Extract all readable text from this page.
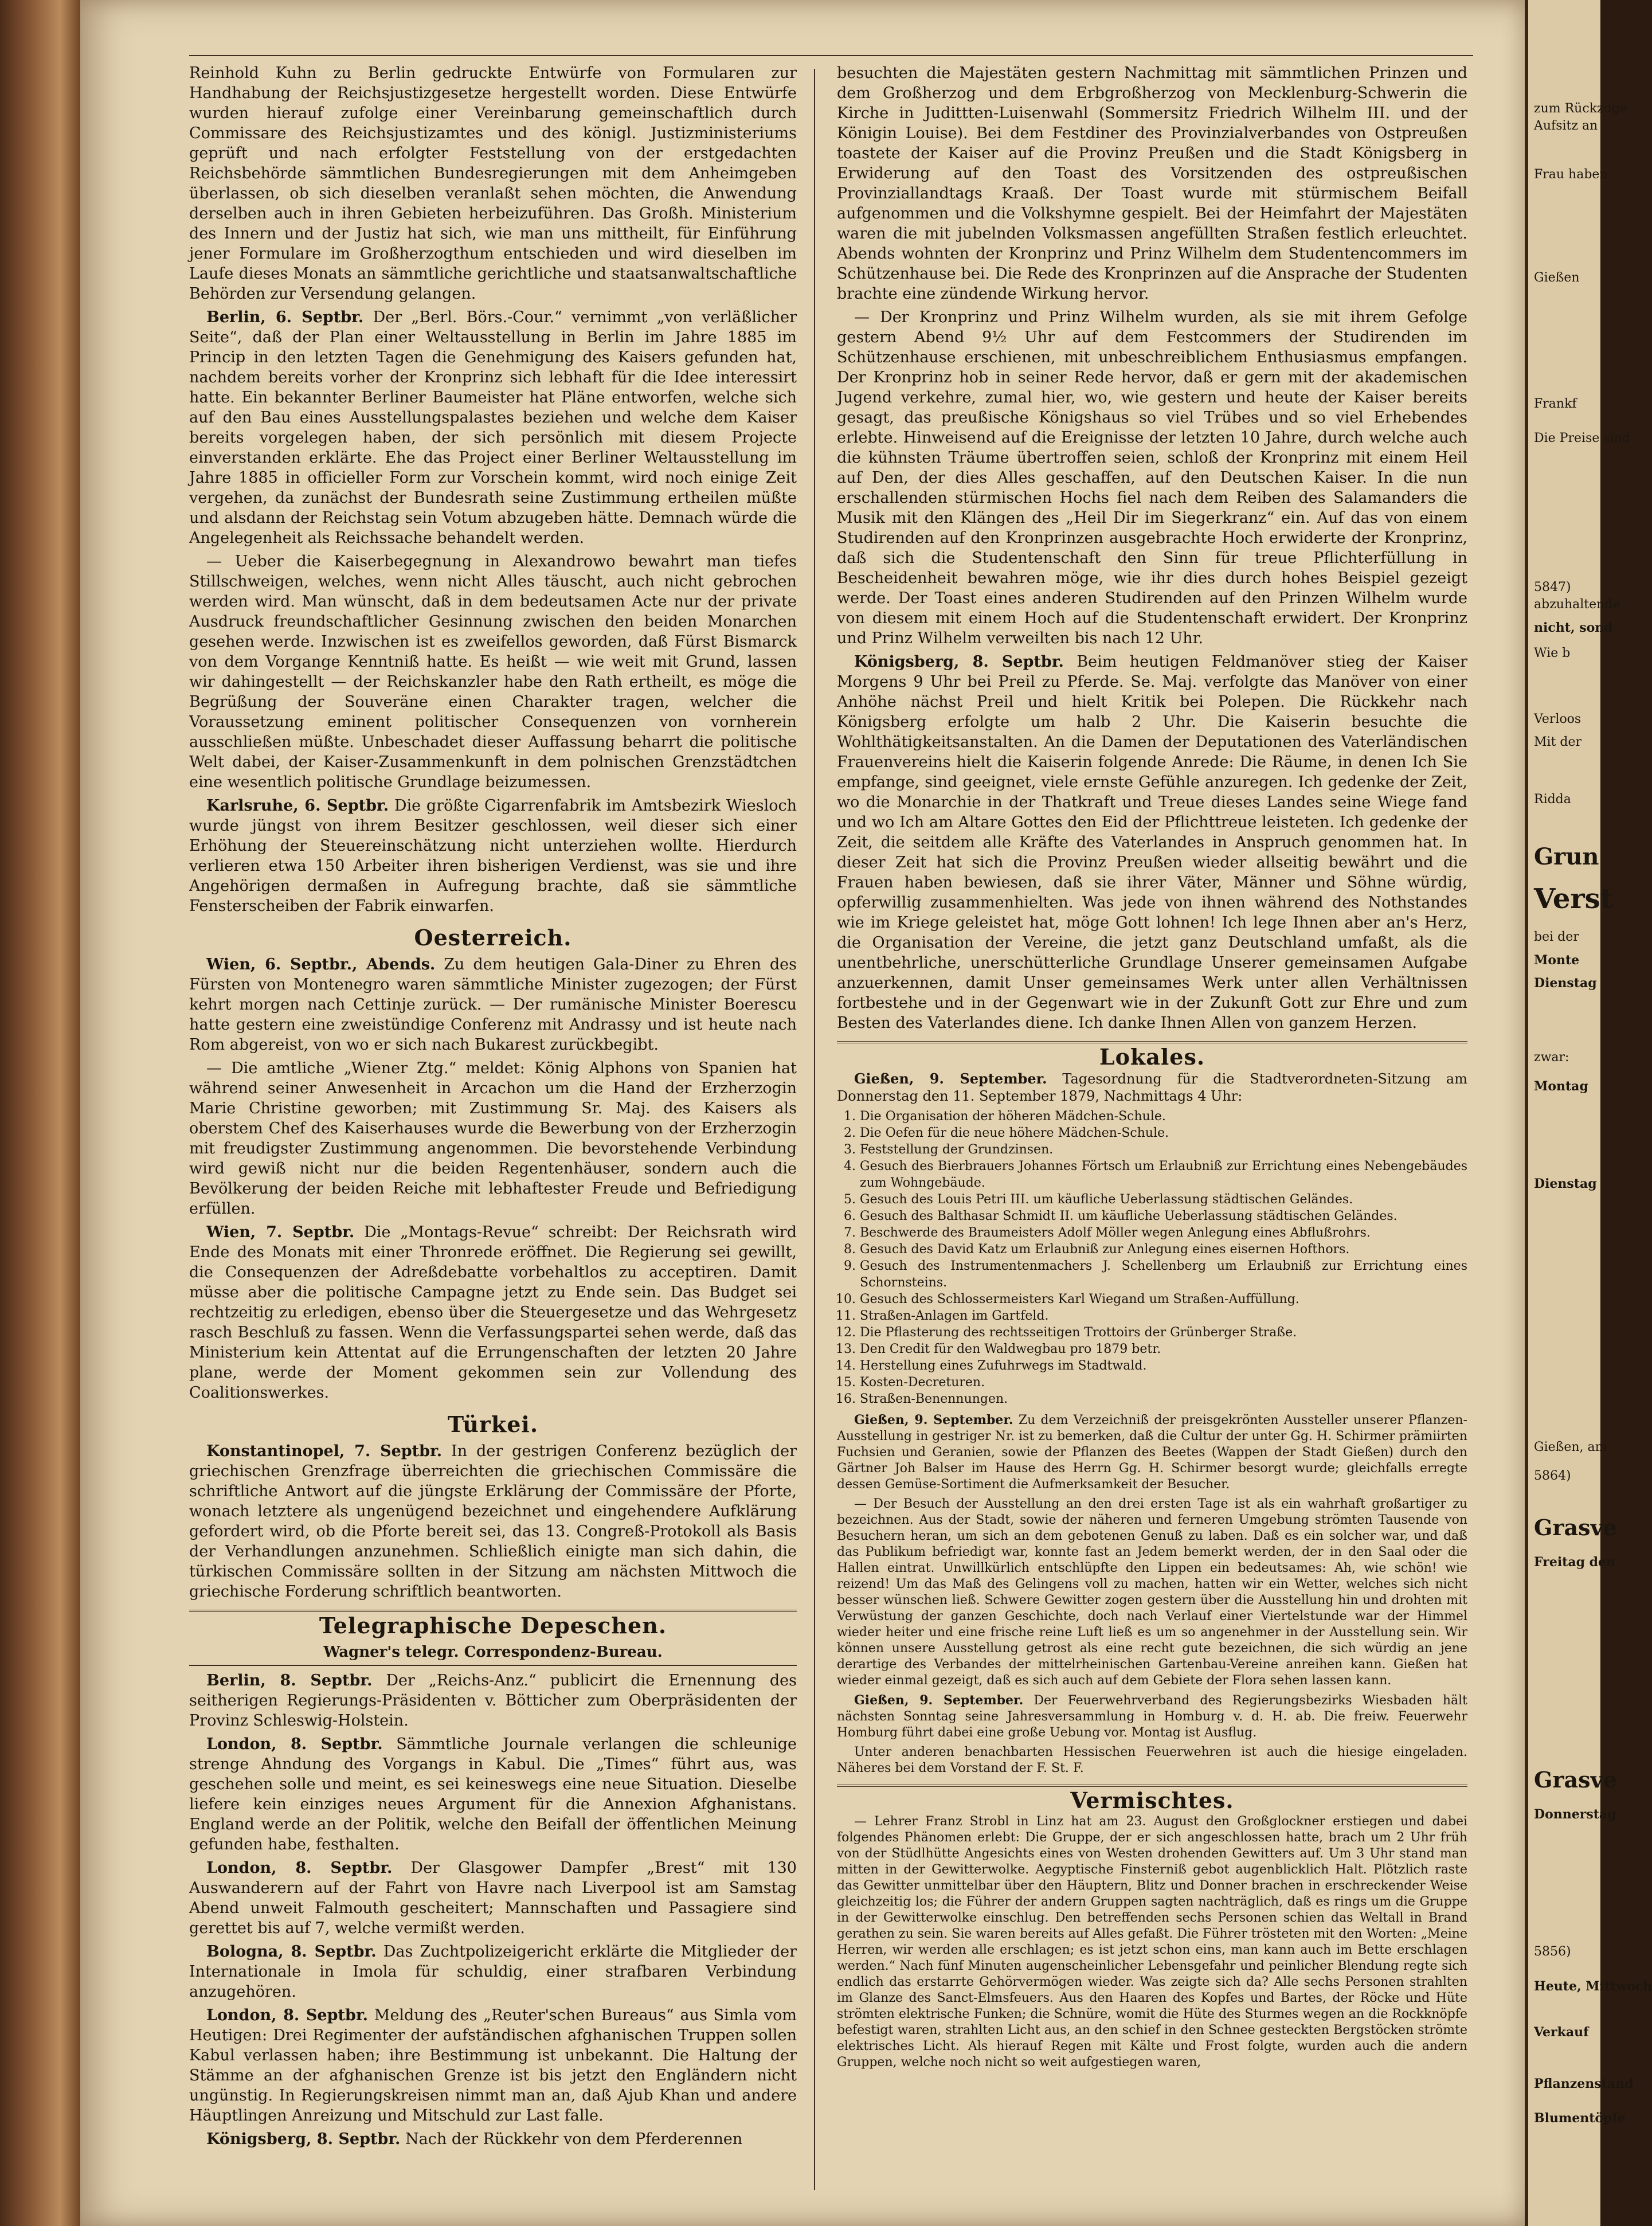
Reinhold Kuhn zu Berlin gedruckte Entwürfe von Formularen zur Handhabung der Reichsjustizgesetze hergestellt worden. Diese Entwürfe wurden hierauf zufolge einer Vereinbarung gemeinschaftlich durch Commissare des Reichsjustizamtes und des königl. Justizministeriums geprüft und nach erfolgter Feststellung von der erstgedachten Reichsbehörde sämmtlichen Bundesregierungen mit dem Anheimgeben überlassen, ob sich dieselben veranlaßt sehen möchten, die Anwendung derselben auch in ihren Gebieten herbeizuführen. Das Großh. Ministerium des Innern und der Justiz hat sich, wie man uns mittheilt, für Einführung jener Formulare im Großherzogthum entschieden und wird dieselben im Laufe dieses Monats an sämmtliche gerichtliche und staatsanwaltschaftliche Behörden zur Versendung gelangen.

Berlin, 6. Septbr. Der „Berl. Börs.-Cour.“ vernimmt „von verläßlicher Seite“, daß der Plan einer Weltausstellung in Berlin im Jahre 1885 im Princip in den letzten Tagen die Genehmigung des Kaisers gefunden hat, nachdem bereits vorher der Kronprinz sich lebhaft für die Idee interessirt hatte. Ein bekannter Berliner Baumeister hat Pläne entworfen, welche sich auf den Bau eines Ausstellungspalastes beziehen und welche dem Kaiser bereits vorgelegen haben, der sich persönlich mit diesem Projecte einverstanden erklärte. Ehe das Project einer Berliner Weltausstellung im Jahre 1885 in officieller Form zur Vorschein kommt, wird noch einige Zeit vergehen, da zunächst der Bundesrath seine Zustimmung ertheilen müßte und alsdann der Reichstag sein Votum abzugeben hätte. Demnach würde die Angelegenheit als Reichssache behandelt werden.

— Ueber die Kaiserbegegnung in Alexandrowo bewahrt man tiefes Stillschweigen, welches, wenn nicht Alles täuscht, auch nicht gebrochen werden wird. Man wünscht, daß in dem bedeutsamen Acte nur der private Ausdruck freundschaftlicher Gesinnung zwischen den beiden Monarchen gesehen werde. Inzwischen ist es zweifellos geworden, daß Fürst Bismarck von dem Vorgange Kenntniß hatte. Es heißt — wie weit mit Grund, lassen wir dahingestellt — der Reichskanzler habe den Rath ertheilt, es möge die Begrüßung der Souveräne einen Charakter tragen, welcher die Voraussetzung eminent politischer Consequenzen von vornherein ausschließen müßte. Unbeschadet dieser Auffassung beharrt die politische Welt dabei, der Kaiser-Zusammenkunft in dem polnischen Grenzstädtchen eine wesentlich politische Grundlage beizumessen.

Karlsruhe, 6. Septbr. Die größte Cigarrenfabrik im Amtsbezirk Wiesloch wurde jüngst von ihrem Besitzer geschlossen, weil dieser sich einer Erhöhung der Steuereinschätzung nicht unterziehen wollte. Hierdurch verlieren etwa 150 Arbeiter ihren bisherigen Verdienst, was sie und ihre Angehörigen dermaßen in Aufregung brachte, daß sie sämmtliche Fensterscheiben der Fabrik einwarfen.

Oesterreich.

Wien, 6. Septbr., Abends. Zu dem heutigen Gala-Diner zu Ehren des Fürsten von Montenegro waren sämmtliche Minister zugezogen; der Fürst kehrt morgen nach Cettinje zurück. — Der rumänische Minister Boerescu hatte gestern eine zweistündige Conferenz mit Andrassy und ist heute nach Rom abgereist, von wo er sich nach Bukarest zurückbegibt.

— Die amtliche „Wiener Ztg.“ meldet: König Alphons von Spanien hat während seiner Anwesenheit in Arcachon um die Hand der Erzherzogin Marie Christine geworben; mit Zustimmung Sr. Maj. des Kaisers als oberstem Chef des Kaiserhauses wurde die Bewerbung von der Erzherzogin mit freudigster Zustimmung angenommen. Die bevorstehende Verbindung wird gewiß nicht nur die beiden Regentenhäuser, sondern auch die Bevölkerung der beiden Reiche mit lebhaftester Freude und Befriedigung erfüllen.

Wien, 7. Septbr. Die „Montags-Revue“ schreibt: Der Reichsrath wird Ende des Monats mit einer Thronrede eröffnet. Die Regierung sei gewillt, die Consequenzen der Adreßdebatte vorbehaltlos zu acceptiren. Damit müsse aber die politische Campagne jetzt zu Ende sein. Das Budget sei rechtzeitig zu erledigen, ebenso über die Steuergesetze und das Wehrgesetz rasch Beschluß zu fassen. Wenn die Verfassungspartei sehen werde, daß das Ministerium kein Attentat auf die Errungenschaften der letzten 20 Jahre plane, werde der Moment gekommen sein zur Vollendung des Coalitionswerkes.

Türkei.

Konstantinopel, 7. Septbr. In der gestrigen Conferenz bezüglich der griechischen Grenzfrage überreichten die griechischen Commissäre die schriftliche Antwort auf die jüngste Erklärung der Commissäre der Pforte, wonach letztere als ungenügend bezeichnet und eingehendere Aufklärung gefordert wird, ob die Pforte bereit sei, das 13. Congreß-Protokoll als Basis der Verhandlungen anzunehmen. Schließlich einigte man sich dahin, die türkischen Commissäre sollten in der Sitzung am nächsten Mittwoch die griechische Forderung schriftlich beantworten.

Telegraphische Depeschen.
Wagner's telegr. Correspondenz-Bureau.

Berlin, 8. Septbr. Der „Reichs-Anz.“ publicirt die Ernennung des seitherigen Regierungs-Präsidenten v. Bötticher zum Oberpräsidenten der Provinz Schleswig-Holstein.

London, 8. Septbr. Sämmtliche Journale verlangen die schleunige strenge Ahndung des Vorgangs in Kabul. Die „Times“ führt aus, was geschehen solle und meint, es sei keineswegs eine neue Situation. Dieselbe liefere kein einziges neues Argument für die Annexion Afghanistans. England werde an der Politik, welche den Beifall der öffentlichen Meinung gefunden habe, festhalten.

London, 8. Septbr. Der Glasgower Dampfer „Brest“ mit 130 Auswanderern auf der Fahrt von Havre nach Liverpool ist am Samstag Abend unweit Falmouth gescheitert; Mannschaften und Passagiere sind gerettet bis auf 7, welche vermißt werden.

Bologna, 8. Septbr. Das Zuchtpolizeigericht erklärte die Mitglieder der Internationale in Imola für schuldig, einer strafbaren Verbindung anzugehören.

London, 8. Septbr. Meldung des „Reuter'schen Bureaus“ aus Simla vom Heutigen: Drei Regimenter der aufständischen afghanischen Truppen sollen Kabul verlassen haben; ihre Bestimmung ist unbekannt. Die Haltung der Stämme an der afghanischen Grenze ist bis jetzt den Engländern nicht ungünstig. In Regierungskreisen nimmt man an, daß Ajub Khan und andere Häuptlingen Anreizung und Mitschuld zur Last falle.

Königsberg, 8. Septbr. Nach der Rückkehr von dem Pferderennen

besuchten die Majestäten gestern Nachmittag mit sämmtlichen Prinzen und dem Großherzog und dem Erbgroßherzog von Mecklenburg-Schwerin die Kirche in Judittten-Luisenwahl (Sommersitz Friedrich Wilhelm III. und der Königin Louise). Bei dem Festdiner des Provinzialverbandes von Ostpreußen toastete der Kaiser auf die Provinz Preußen und die Stadt Königsberg in Erwiderung auf den Toast des Vorsitzenden des ostpreußischen Provinziallandtags Kraaß. Der Toast wurde mit stürmischem Beifall aufgenommen und die Volkshymne gespielt. Bei der Heimfahrt der Majestäten waren die mit jubelnden Volksmassen angefüllten Straßen festlich erleuchtet. Abends wohnten der Kronprinz und Prinz Wilhelm dem Studentencommers im Schützenhause bei. Die Rede des Kronprinzen auf die Ansprache der Studenten brachte eine zündende Wirkung hervor.

— Der Kronprinz und Prinz Wilhelm wurden, als sie mit ihrem Gefolge gestern Abend 9½ Uhr auf dem Festcommers der Studirenden im Schützenhause erschienen, mit unbeschreiblichem Enthusiasmus empfangen. Der Kronprinz hob in seiner Rede hervor, daß er gern mit der akademischen Jugend verkehre, zumal hier, wo, wie gestern und heute der Kaiser bereits gesagt, das preußische Königshaus so viel Trübes und so viel Erhebendes erlebte. Hinweisend auf die Ereignisse der letzten 10 Jahre, durch welche auch die kühnsten Träume übertroffen seien, schloß der Kronprinz mit einem Heil auf Den, der dies Alles geschaffen, auf den Deutschen Kaiser. In die nun erschallenden stürmischen Hochs fiel nach dem Reiben des Salamanders die Musik mit den Klängen des „Heil Dir im Siegerkranz“ ein. Auf das von einem Studirenden auf den Kronprinzen ausgebrachte Hoch erwiderte der Kronprinz, daß sich die Studentenschaft den Sinn für treue Pflichterfüllung in Bescheidenheit bewahren möge, wie ihr dies durch hohes Beispiel gezeigt werde. Der Toast eines anderen Studirenden auf den Prinzen Wilhelm wurde von diesem mit einem Hoch auf die Studentenschaft erwidert. Der Kronprinz und Prinz Wilhelm verweilten bis nach 12 Uhr.

Königsberg, 8. Septbr. Beim heutigen Feldmanöver stieg der Kaiser Morgens 9 Uhr bei Preil zu Pferde. Se. Maj. verfolgte das Manöver von einer Anhöhe nächst Preil und hielt Kritik bei Polepen. Die Rückkehr nach Königsberg erfolgte um halb 2 Uhr. Die Kaiserin besuchte die Wohlthätigkeitsanstalten. An die Damen der Deputationen des Vaterländischen Frauenvereins hielt die Kaiserin folgende Anrede: Die Räume, in denen Ich Sie empfange, sind geeignet, viele ernste Gefühle anzuregen. Ich gedenke der Zeit, wo die Monarchie in der Thatkraft und Treue dieses Landes seine Wiege fand und wo Ich am Altare Gottes den Eid der Pflichttreue leisteten. Ich gedenke der Zeit, die seitdem alle Kräfte des Vaterlandes in Anspruch genommen hat. In dieser Zeit hat sich die Provinz Preußen wieder allseitig bewährt und die Frauen haben bewiesen, daß sie ihrer Väter, Männer und Söhne würdig, opferwillig zusammenhielten. Was jede von ihnen während des Nothstandes wie im Kriege geleistet hat, möge Gott lohnen! Ich lege Ihnen aber an's Herz, die Organisation der Vereine, die jetzt ganz Deutschland umfaßt, als die unentbehrliche, unerschütterliche Grundlage Unserer gemeinsamen Aufgabe anzuerkennen, damit Unser gemeinsames Werk unter allen Verhältnissen fortbestehe und in der Gegenwart wie in der Zukunft Gott zur Ehre und zum Besten des Vaterlandes diene. Ich danke Ihnen Allen von ganzem Herzen.

Lokales.

Gießen, 9. September. Tagesordnung für die Stadtverordneten-Sitzung am Donnerstag den 11. September 1879, Nachmittags 4 Uhr:

1. Die Organisation der höheren Mädchen-Schule.
2. Die Oefen für die neue höhere Mädchen-Schule.
3. Feststellung der Grundzinsen.
4. Gesuch des Bierbrauers Johannes Förtsch um Erlaubniß zur Errichtung eines Nebengebäudes zum Wohngebäude.
5. Gesuch des Louis Petri III. um käufliche Ueberlassung städtischen Geländes.
6. Gesuch des Balthasar Schmidt II. um käufliche Ueberlassung städtischen Geländes.
7. Beschwerde des Braumeisters Adolf Möller wegen Anlegung eines Abflußrohrs.
8. Gesuch des David Katz um Erlaubniß zur Anlegung eines eisernen Hofthors.
9. Gesuch des Instrumentenmachers J. Schellenberg um Erlaubniß zur Errichtung eines Schornsteins.
10. Gesuch des Schlossermeisters Karl Wiegand um Straßen-Auffüllung.
11. Straßen-Anlagen im Gartfeld.
12. Die Pflasterung des rechtsseitigen Trottoirs der Grünberger Straße.
13. Den Credit für den Waldwegbau pro 1879 betr.
14. Herstellung eines Zufuhrwegs im Stadtwald.
15. Kosten-Decreturen.
16. Straßen-Benennungen.

Gießen, 9. September. Zu dem Verzeichniß der preisgekrönten Aussteller unserer Pflanzen-Ausstellung in gestriger Nr. ist zu bemerken, daß die Cultur der unter Gg. H. Schirmer prämiirten Fuchsien und Geranien, sowie der Pflanzen des Beetes (Wappen der Stadt Gießen) durch den Gärtner Joh Balser im Hause des Herrn Gg. H. Schirmer besorgt wurde; gleichfalls erregte dessen Gemüse-Sortiment die Aufmerksamkeit der Besucher.

— Der Besuch der Ausstellung an den drei ersten Tage ist als ein wahrhaft großartiger zu bezeichnen. Aus der Stadt, sowie der näheren und ferneren Umgebung strömten Tausende von Besuchern heran, um sich an dem gebotenen Genuß zu laben. Daß es ein solcher war, und daß das Publikum befriedigt war, konnte fast an Jedem bemerkt werden, der in den Saal oder die Hallen eintrat. Unwillkürlich entschlüpfte den Lippen ein bedeutsames: Ah, wie schön! wie reizend! Um das Maß des Gelingens voll zu machen, hatten wir ein Wetter, welches sich nicht besser wünschen ließ. Schwere Gewitter zogen gestern über die Ausstellung hin und drohten mit Verwüstung der ganzen Geschichte, doch nach Verlauf einer Viertelstunde war der Himmel wieder heiter und eine frische reine Luft ließ es um so angenehmer in der Ausstellung sein. Wir können unsere Ausstellung getrost als eine recht gute bezeichnen, die sich würdig an jene derartige des Verbandes der mittelrheinischen Gartenbau-Vereine anreihen kann. Gießen hat wieder einmal gezeigt, daß es sich auch auf dem Gebiete der Flora sehen lassen kann.

Gießen, 9. September. Der Feuerwehrverband des Regierungsbezirks Wiesbaden hält nächsten Sonntag seine Jahresversammlung in Homburg v. d. H. ab. Die freiw. Feuerwehr Homburg führt dabei eine große Uebung vor. Montag ist Ausflug.

Unter anderen benachbarten Hessischen Feuerwehren ist auch die hiesige eingeladen. Näheres bei dem Vorstand der F. St. F.

Vermischtes.

— Lehrer Franz Strobl in Linz hat am 23. August den Großglockner erstiegen und dabei folgendes Phänomen erlebt: Die Gruppe, der er sich angeschlossen hatte, brach um 2 Uhr früh von der Stüdlhütte Angesichts eines von Westen drohenden Gewitters auf. Um 3 Uhr stand man mitten in der Gewitterwolke. Aegyptische Finsterniß gebot augenblicklich Halt. Plötzlich raste das Gewitter unmittelbar über den Häuptern, Blitz und Donner brachen in erschreckender Weise gleichzeitig los; die Führer der andern Gruppen sagten nachträglich, daß es rings um die Gruppe in der Gewitterwolke einschlug. Den betreffenden sechs Personen schien das Weltall in Brand gerathen zu sein. Sie waren bereits auf Alles gefaßt. Die Führer trösteten mit den Worten: „Meine Herren, wir werden alle erschlagen; es ist jetzt schon eins, man kann auch im Bette erschlagen werden.“ Nach fünf Minuten augenscheinlicher Lebensgefahr und peinlicher Blendung regte sich endlich das erstarrte Gehörvermögen wieder. Was zeigte sich da? Alle sechs Personen strahlten im Glanze des Sanct-Elmsfeuers. Aus den Haaren des Kopfes und Bartes, der Röcke und Hüte strömten elektrische Funken; die Schnüre, womit die Hüte des Sturmes wegen an die Rockknöpfe befestigt waren, strahlten Licht aus, an den schief in den Schnee gesteckten Bergstöcken strömte elektrisches Licht. Als hierauf Regen mit Kälte und Frost folgte, wurden auch die andern Gruppen, welche noch nicht so weit aufgestiegen waren,

zum Rückzuge
Aufsitz an
Frau haben
Gießen
Frankf
Die Preise sind
5847)
abzuhaltende
nicht, sond
Wie b
Verloos
Mit der
Ridda
Grun
Verst
bei der
Monte
Dienstag
zwar:
Montag
Dienstag
Gießen, am
5864)
Grasve
Freitag den
Grasve
Donnerstag
5856)
Heute, Mittwoch
Verkauf
Pflanzenstand
Blumentöpfe
